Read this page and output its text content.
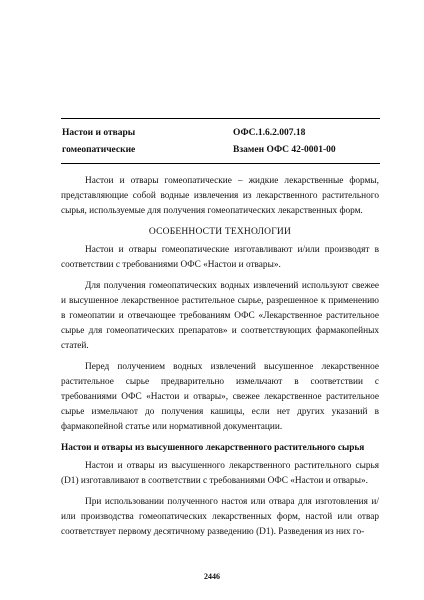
Настои и отвары
гомеопатические
ОФС.1.6.2.007.18
Взамен ОФС 42-0001-00

Настои и отвары гомеопатические – жидкие лекарственные формы, представляющие собой водные извлечения из лекарственного растительного сырья, используемые для получения гомеопатических лекарственных форм.

ОСОБЕННОСТИ ТЕХНОЛОГИИ

Настои и отвары гомеопатические изготавливают и/или производят в соответствии с требованиями ОФС «Настои и отвары».

Для получения гомеопатических водных извлечений используют свежее и высушенное лекарственное растительное сырье, разрешенное к применению в гомеопатии и отвечающее требованиям ОФС «Лекарственное растительное сырье для гомеопатических препаратов» и соответствующих фармакопейных статей.

Перед получением водных извлечений высушенное лекарственное растительное сырье предварительно измельчают в соответствии с требованиями ОФС «Настои и отвары», свежее лекарственное растительное сырье измельчают до получения кашицы, если нет других указаний в фармакопейной статье или нормативной документации.

Настои и отвары из высушенного лекарственного растительного сырья

Настои и отвары из высушенного лекарственного растительного сырья (D1) изготавливают в соответствии с требованиями ОФС «Настои и отвары».

При использовании полученного настоя или отвара для изготовления и/или производства гомеопатических лекарственных форм, настой или отвар соответствует первому десятичному разведению (D1). Разведения из них го-

2446
